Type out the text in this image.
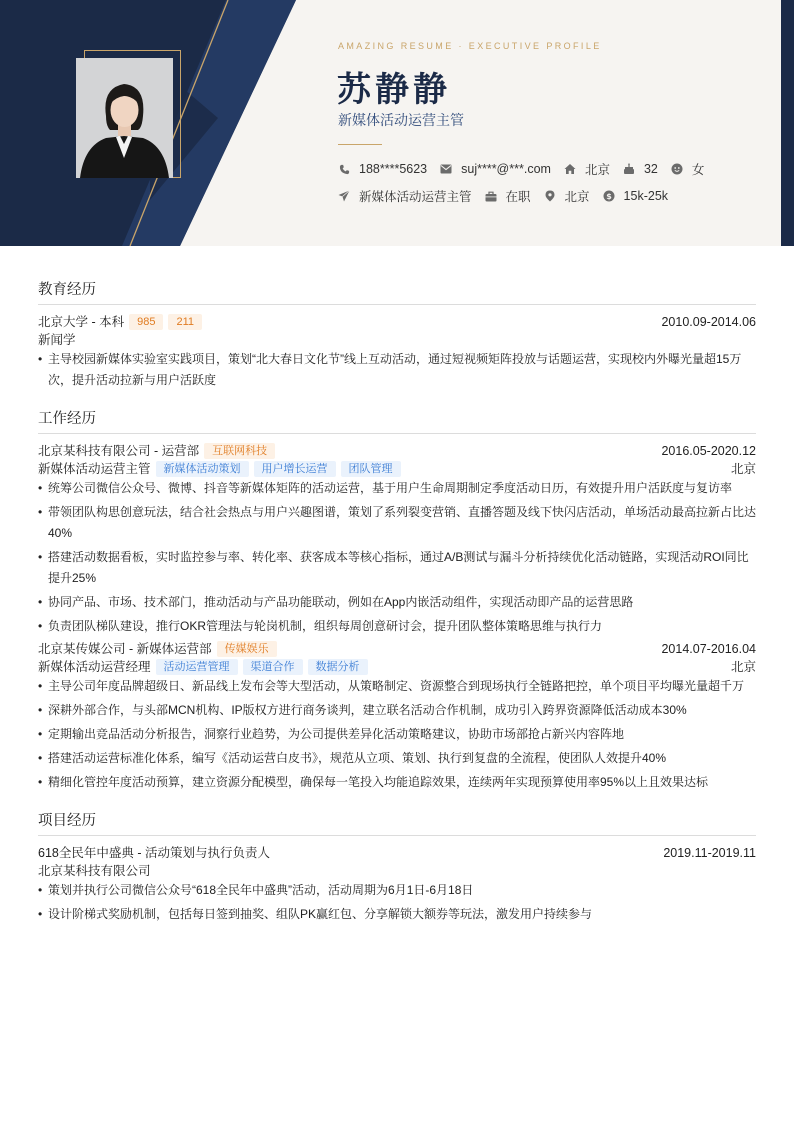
AMAZING RESUME · EXECUTIVE PROFILE
苏静静
新媒体活动运营主管
188****5623	suj****@***.com	北京	32	女
新媒体活动运营主管	在职	北京 $ 15k-25k
教育经历
北京大学 - 本科	985	211	2010.09-2014.06
新闻学
• 主导校园新媒体实验室实践项目，策划“北大春日文化节”线上互动活动，通过短视频矩阵投放与话题运营，实现校内外曝光量超15万次，提升活动拉新与用户活跃度
工作经历
北京某科技有限公司 - 运营部	互联网科技	2016.05-2020.12
新媒体活动运营主管	新媒体活动策划	用户增长运营	团队管理	北京
• 统筹公司微信公众号、微博、抖音等新媒体矩阵的活动运营，基于用户生命周期制定季度活动日历，有效提升用户活跃度与复访率
• 带领团队构思创意玩法，结合社会热点与用户兴趣图谱，策划了系列裂变营销、直播答题及线下快闪店活动，单场活动最高拉新占比达40%
• 搭建活动数据看板，实时监控参与率、转化率、获客成本等核心指标，通过A/B测试与漏斗分析持续优化活动链路，实现活动ROI同比提升25%
• 协同产品、市场、技术部门，推动活动与产品功能联动，例如在App内嵌活动组件，实现活动即产品的运营思路
• 负责团队梯队建设，推行OKR管理法与轮岗机制，组织每周创意研讨会，提升团队整体策略思维与执行力
北京某传媒公司 - 新媒体运营部	传媒娱乐	2014.07-2016.04
新媒体活动运营经理	活动运营管理	渠道合作	数据分析	北京
• 主导公司年度品牌超级日、新品线上发布会等大型活动，从策略制定、资源整合到现场执行全链路把控，单个项目平均曝光量超千万
• 深耕外部合作，与头部MCN机构、IP版权方进行商务谈判，建立联名活动合作机制，成功引入跨界资源降低活动成本30%
• 定期输出竞品活动分析报告，洞察行业趋势，为公司提供差异化活动策略建议，协助市场部抢占新兴内容阵地
• 搭建活动运营标准化体系，编写《活动运营白皮书》，规范从立项、策划、执行到复盘的全流程，使团队人效提升40%
• 精细化管控年度活动预算，建立资源分配模型，确保每一笔投入均能追踪效果，连续两年实现预算使用率95%以上且效果达标
项目经历
618全民年中盛典 - 活动策划与执行负责人	2019.11-2019.11
北京某科技有限公司
• 策划并执行公司微信公众号“618全民年中盛典”活动，活动周期为6月1日-6月18日
• 设计阶梯式奖励机制，包括每日签到抽奖、组队PK赢红包、分享解锁大额券等玩法，激发用户持续参与
